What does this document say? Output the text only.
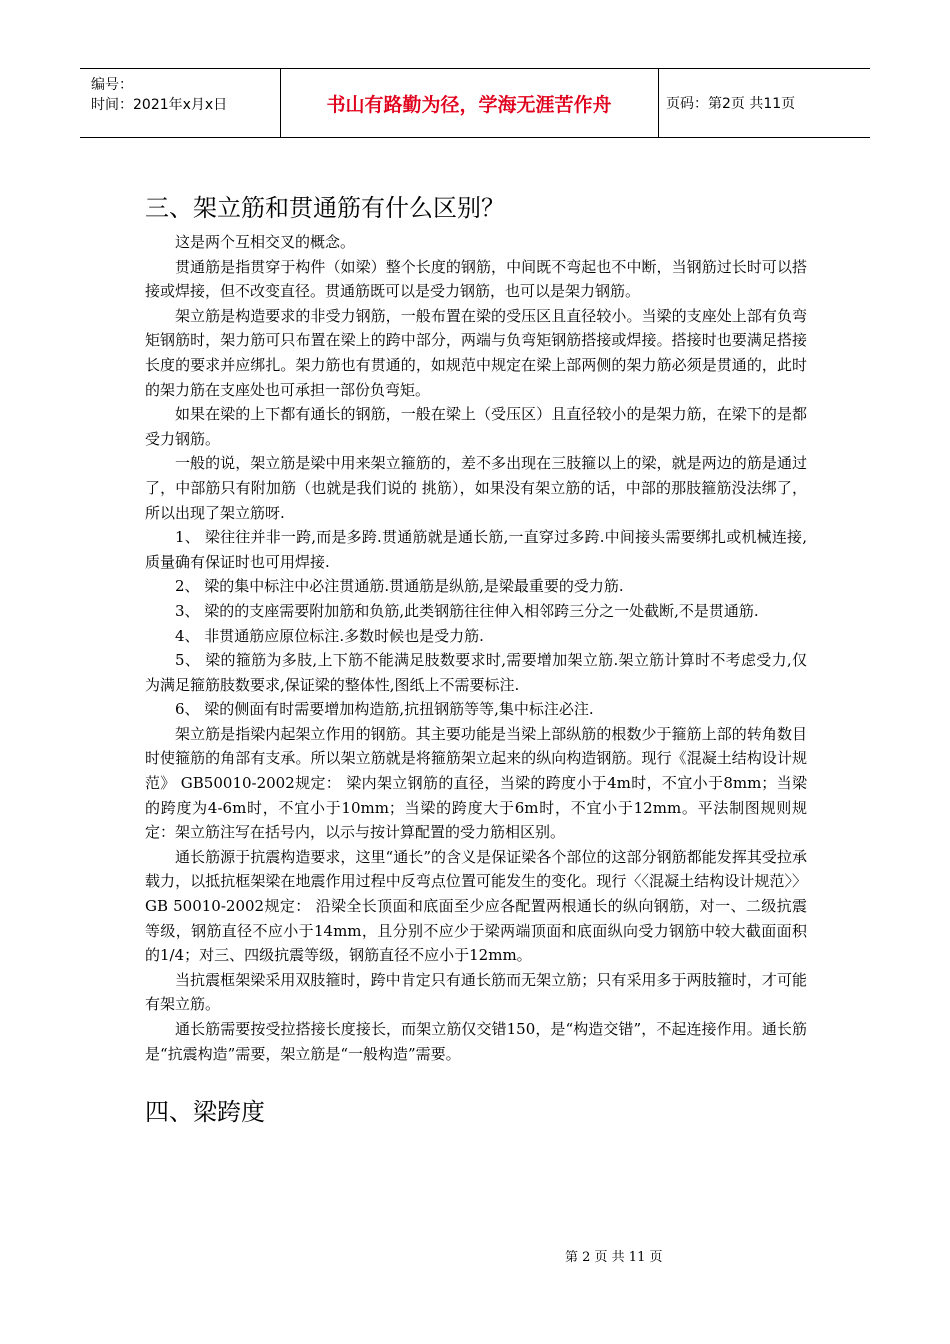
编号：
时间：2021年x月x日	书山有路勤为径，学海无涯苦作舟	页码：第2页 共11页
三、架立筋和贯通筋有什么区别？

这是两个互相交叉的概念。

贯通筋是指贯穿于构件（如梁）整个长度的钢筋，中间既不弯起也不中断，当钢筋过长时可以搭接或焊接，但不改变直径。贯通筋既可以是受力钢筋，也可以是架力钢筋。

架立筋是构造要求的非受力钢筋，一般布置在梁的受压区且直径较小。当梁的支座处上部有负弯矩钢筋时，架力筋可只布置在梁上的跨中部分，两端与负弯矩钢筋搭接或焊接。搭接时也要满足搭接长度的要求并应绑扎。架力筋也有贯通的，如规范中规定在梁上部两侧的架力筋必须是贯通的，此时的架力筋在支座处也可承担一部份负弯矩。

如果在梁的上下都有通长的钢筋，一般在梁上（受压区）且直径较小的是架力筋，在梁下的是都受力钢筋。

一般的说，架立筋是梁中用来架立箍筋的，差不多出现在三肢箍以上的梁，就是两边的筋是通过了，中部筋只有附加筋（也就是我们说的 挑筋），如果没有架立筋的话，中部的那肢箍筋没法绑了，所以出现了架立筋呀.

1、 梁往往并非一跨,而是多跨.贯通筋就是通长筋,一直穿过多跨.中间接头需要绑扎或机械连接,质量确有保证时也可用焊接.

2、 梁的集中标注中必注贯通筋.贯通筋是纵筋,是梁最重要的受力筋.

3、 梁的的支座需要附加筋和负筋,此类钢筋往往伸入相邻跨三分之一处截断,不是贯通筋.

4、 非贯通筋应原位标注.多数时候也是受力筋.

5、 梁的箍筋为多肢,上下筋不能满足肢数要求时,需要增加架立筋.架立筋计算时不考虑受力,仅为满足箍筋肢数要求,保证梁的整体性,图纸上不需要标注.

6、 梁的侧面有时需要增加构造筋,抗扭钢筋等等,集中标注必注.

架立筋是指梁内起架立作用的钢筋。其主要功能是当梁上部纵筋的根数少于箍筋上部的转角数目时使箍筋的角部有支承。所以架立筋就是将箍筋架立起来的纵向构造钢筋。现行《混凝土结构设计规范》 GB50010-2002规定： 梁内架立钢筋的直径，当梁的跨度小于4m时，不宜小于8mm；当梁的跨度为4-6m时，不宜小于10mm；当梁的跨度大于6m时，不宜小于12mm。平法制图规则规定：架立筋注写在括号内，以示与按计算配置的受力筋相区别。

通长筋源于抗震构造要求，这里“通长”的含义是保证梁各个部位的这部分钢筋都能发挥其受拉承载力，以抵抗框架梁在地震作用过程中反弯点位置可能发生的变化。现行〈〈混凝土结构设计规范〉〉GB 50010-2002规定： 沿梁全长顶面和底面至少应各配置两根通长的纵向钢筋，对一、二级抗震等级，钢筋直径不应小于14mm，且分别不应少于梁两端顶面和底面纵向受力钢筋中较大截面面积的1/4；对三、四级抗震等级，钢筋直径不应小于12mm。

当抗震框架梁采用双肢箍时，跨中肯定只有通长筋而无架立筋；只有采用多于两肢箍时，才可能有架立筋。

通长筋需要按受拉搭接长度接长，而架立筋仅交错150，是“构造交错”，不起连接作用。通长筋是“抗震构造”需要，架立筋是“一般构造”需要。

四、梁跨度
第 2 页 共 11 页
